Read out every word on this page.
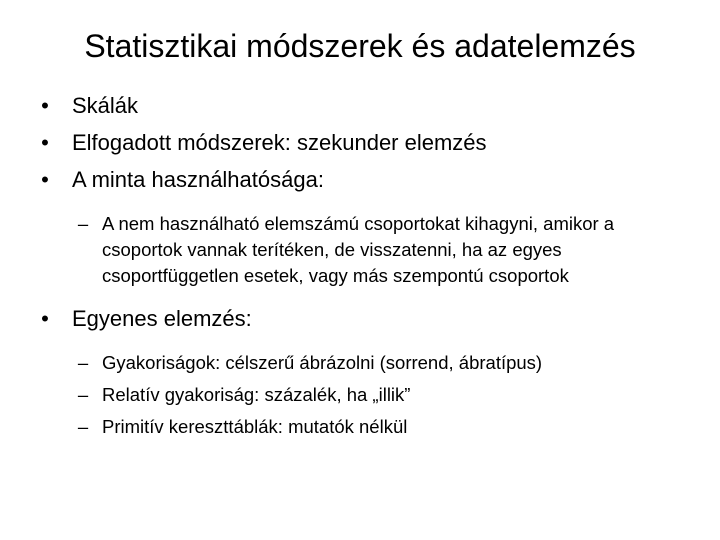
Statisztikai módszerek és adatelemzés
• Skálák
• Elfogadott módszerek: szekunder elemzés
• A minta használhatósága:
– A nem használható elemszámú csoportokat kihagyni, amikor a csoportok vannak terítéken, de visszatenni, ha az egyes csoportfüggetlen esetek, vagy más szempontú csoportok
• Egyenes elemzés:
– Gyakoriságok: célszerű ábrázolni (sorrend, ábratípus)
– Relatív gyakoriság: százalék, ha „illik”
– Primitív kereszttáblák: mutatók nélkül
